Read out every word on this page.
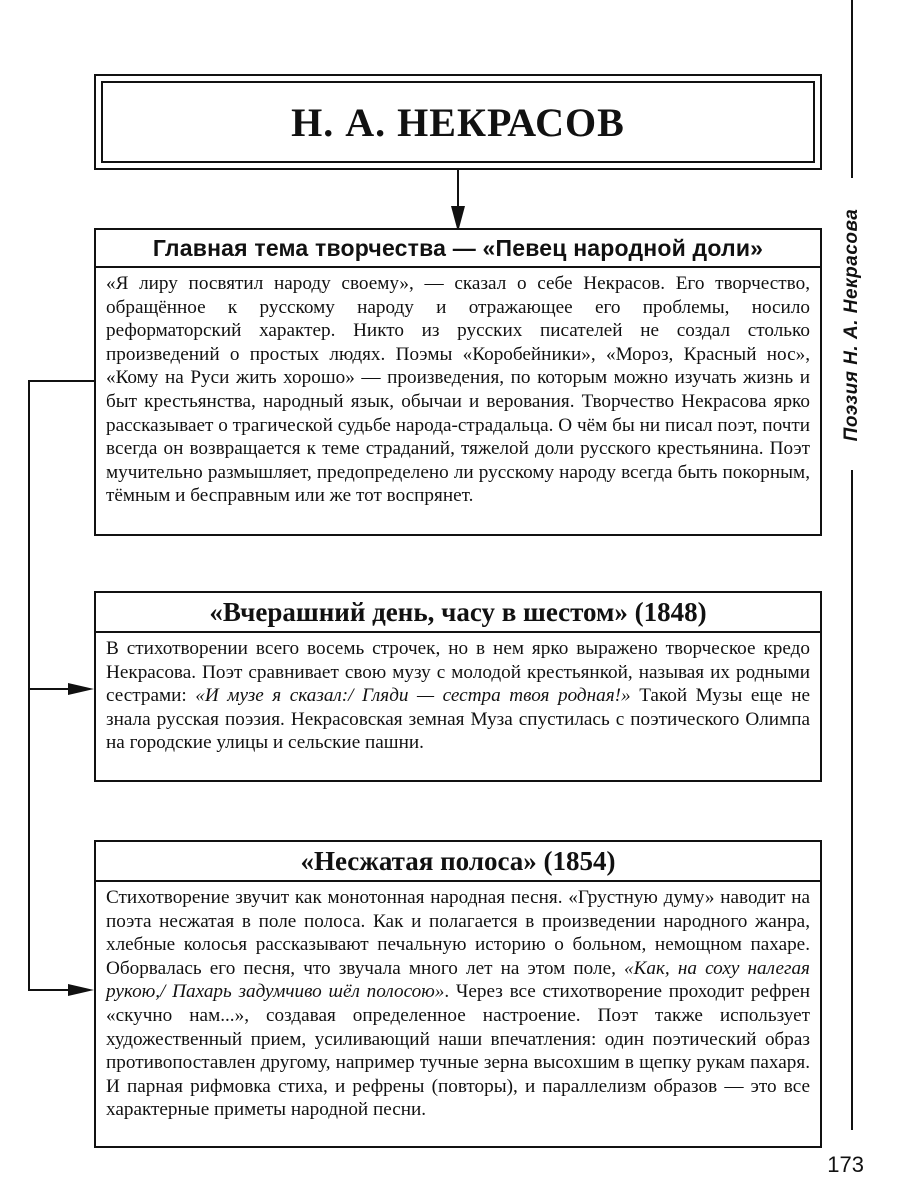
Н. А. НЕКРАСОВ
Главная тема творчества — «Певец народной доли»
«Я лиру посвятил народу своему», — сказал о себе Некрасов. Его творчество, обращённое к русскому народу и отражающее его проблемы, носило реформаторский характер. Никто из русских писателей не создал столько произведений о простых людях. Поэмы «Коробейники», «Мороз, Красный нос», «Кому на Руси жить хорошо» — произведения, по которым можно изучать жизнь и быт крестьянства, народный язык, обычаи и верования. Творчество Некрасова ярко рассказывает о трагической судьбе народа-страдальца. О чём бы ни писал поэт, почти всегда он возвращается к теме страданий, тяжелой доли русского крестьянина. Поэт мучительно размышляет, предопределено ли русскому народу всегда быть покорным, тёмным и бесправным или же тот воспрянет.
«Вчерашний день, часу в шестом» (1848)
В стихотворении всего восемь строчек, но в нем ярко выражено творческое кредо Некрасова. Поэт сравнивает свою музу с молодой крестьянкой, называя их родными сестрами: «И музе я сказал:/ Гляди — сестра твоя родная!» Такой Музы еще не знала русская поэзия. Некрасовская земная Муза спустилась с поэтического Олимпа на городские улицы и сельские пашни.
«Несжатая полоса» (1854)
Стихотворение звучит как монотонная народная песня. «Грустную думу» наводит на поэта несжатая в поле полоса. Как и полагается в произведении народного жанра, хлебные колосья рассказывают печальную историю о больном, немощном пахаре. Оборвалась его песня, что звучала много лет на этом поле, «Как, на соху налегая рукою,/ Пахарь задумчиво шёл полосою». Через все стихотворение проходит рефрен «скучно нам...», создавая определенное настроение. Поэт также использует художественный прием, усиливающий наши впечатления: один поэтический образ противопоставлен другому, например тучные зерна высохшим в щепку рукам пахаря. И парная рифмовка стиха, и рефрены (повторы), и параллелизм образов — это все характерные приметы народной песни.
Поэзия Н. А. Некрасова
173
